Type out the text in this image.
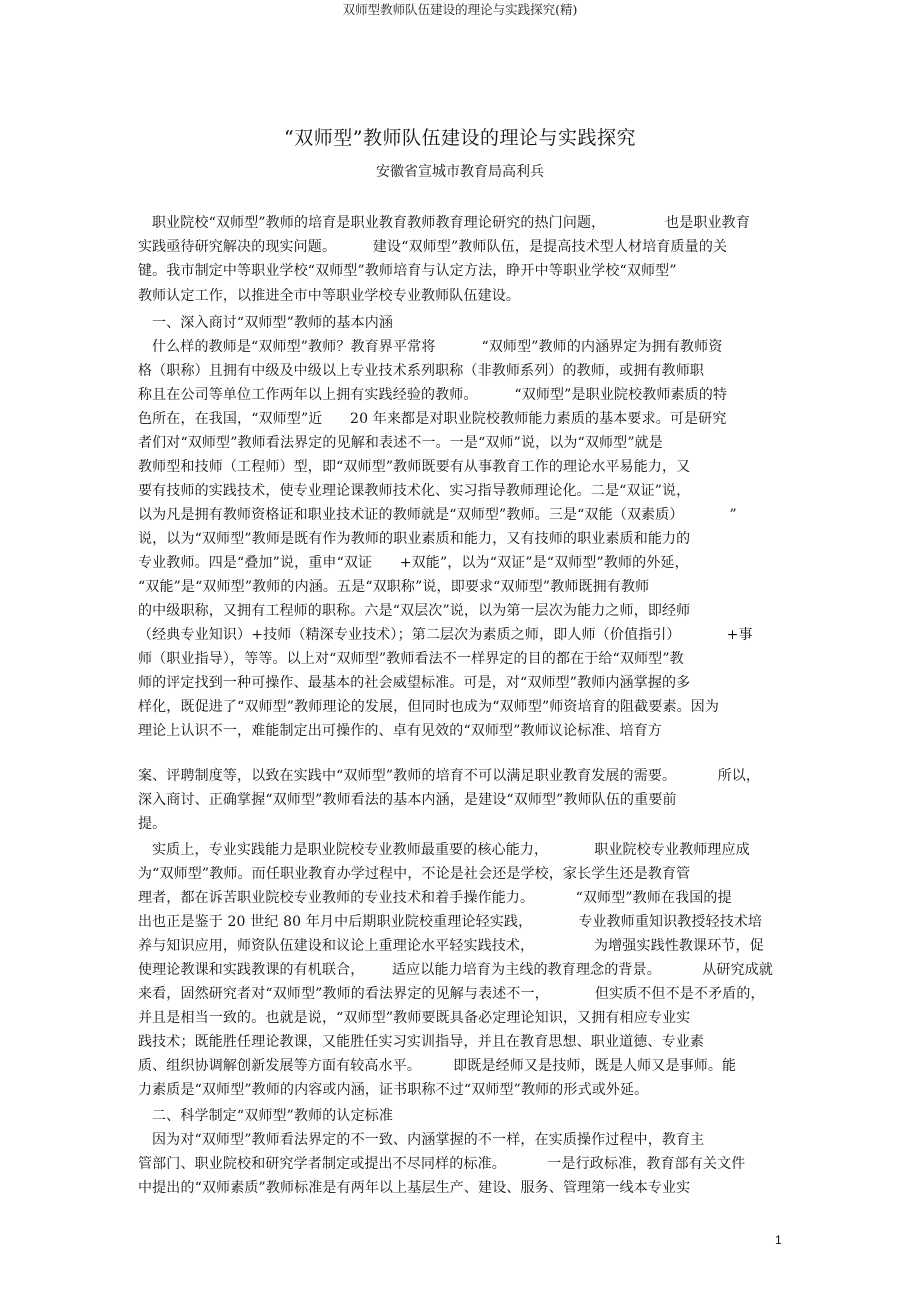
双师型教师队伍建设的理论与实践探究(精)
“双师型”教师队伍建设的理论与实践探究
安徽省宣城市教育局高利兵
职业院校“双师型”教师的培育是职业教育教师教育理论研究的热门问题，             也是职业教育
实践亟待研究解决的现实问题。        建设“双师型”教师队伍，是提高技术型人材培育质量的关
键。我市制定中等职业学校“双师型”教师培育与认定方法，睁开中等职业学校“双师型”
教师认定工作，以推进全市中等职业学校专业教师队伍建设。
一、深入商讨“双师型”教师的基本内涵
什么样的教师是“双师型”教师？教育界平常将          “双师型”教师的内涵界定为拥有教师资
格（职称）且拥有中级及中级以上专业技术系列职称（非教师系列）的教师，或拥有教师职
称且在公司等单位工作两年以上拥有实践经验的教师。        “双师型”是职业院校教师素质的特
色所在，在我国，“双师型”近      20 年来都是对职业院校教师能力素质的基本要求。可是研究
者们对“双师型”教师看法界定的见解和表述不一。一是“双师”说，以为“双师型”就是
教师型和技师（工程师）型，即“双师型”教师既要有从事教育工作的理论水平易能力，又
要有技师的实践技术，使专业理论课教师技术化、实习指导教师理论化。二是“双证”说，
以为凡是拥有教师资格证和职业技术证的教师就是“双师型”教师。三是“双能（双素质）          ”
说，以为“双师型”教师是既有作为教师的职业素质和能力，又有技师的职业素质和能力的
专业教师。四是“叠加”说，重申“双证      +双能”，以为“双证”是“双师型”教师的外延，
“双能”是“双师型”教师的内涵。五是“双职称”说，即要求“双师型”教师既拥有教师
的中级职称，又拥有工程师的职称。六是“双层次”说，以为第一层次为能力之师，即经师
（经典专业知识）+技师（精深专业技术）；第二层次为素质之师，即人师（价值指引）          +事
师（职业指导），等等。以上对“双师型”教师看法不一样界定的目的都在于给“双师型”教
师的评定找到一种可操作、最基本的社会威望标准。可是，对“双师型”教师内涵掌握的多
样化，既促进了“双师型”教师理论的发展，但同时也成为“双师型”师资培育的阻截要素。因为
理论上认识不一，难能制定出可操作的、卓有见效的“双师型”教师议论标准、培育方
案、评聘制度等，以致在实践中“双师型”教师的培育不可以满足职业教育发展的需要。         所以，
深入商讨、正确掌握“双师型”教师看法的基本内涵，是建设“双师型”教师队伍的重要前
提。
实质上，专业实践能力是职业院校专业教师最重要的核心能力，          职业院校专业教师理应成
为“双师型”教师。而任职业教育办学过程中，不论是社会还是学校，家长学生还是教育管
理者，都在诉苦职业院校专业教师的专业技术和着手操作能力。         “双师型”教师在我国的提
出也正是鉴于 20 世纪 80 年月中后期职业院校重理论轻实践，          专业教师重知识教授轻技术培
养与知识应用，师资队伍建设和议论上重理论水平轻实践技术，             为增强实践性教课环节，促
使理论教课和实践教课的有机联合，      适应以能力培育为主线的教育理念的背景。         从研究成就
来看，固然研究者对“双师型”教师的看法界定的见解与表述不一，          但实质不但不是不矛盾的，
并且是相当一致的。也就是说，“双师型”教师要既具备必定理论知识，又拥有相应专业实
践技术；既能胜任理论教课，又能胜任实习实训指导，并且在教育思想、职业道德、专业素
质、组织协调解创新发展等方面有较高水平。       即既是经师又是技师，既是人师又是事师。能
力素质是“双师型”教师的内容或内涵，证书职称不过“双师型”教师的形式或外延。
二、科学制定“双师型”教师的认定标准
因为对“双师型”教师看法界定的不一致、内涵掌握的不一样，在实质操作过程中，教育主
管部门、职业院校和研究学者制定或提出不尽同样的标准。         一是行政标准，教育部有关文件
中提出的“双师素质”教师标准是有两年以上基层生产、建设、服务、管理第一线本专业实
1
